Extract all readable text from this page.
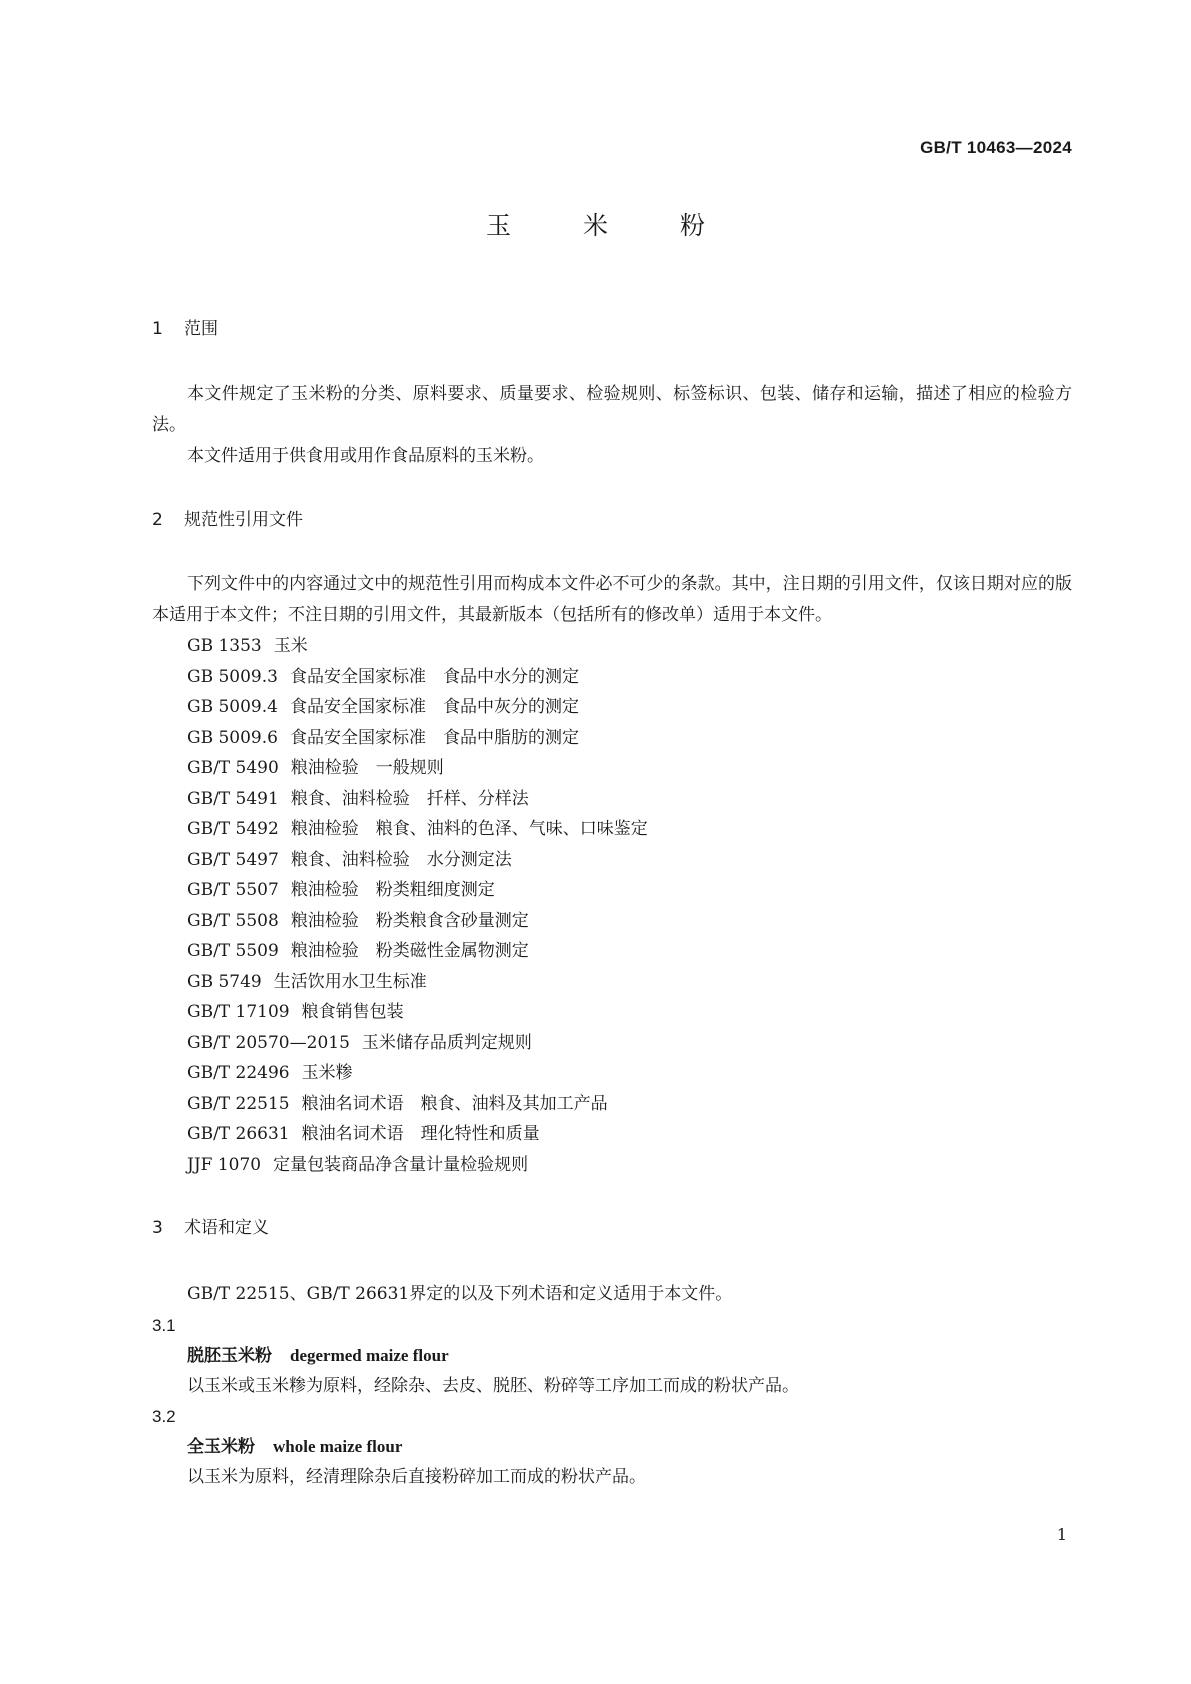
GB/T 10463—2024
玉 米 粉
1 范围

本文件规定了玉米粉的分类、原料要求、质量要求、检验规则、标签标识、包装、储存和运输，描述了相应的检验方法。

本文件适用于供食用或用作食品原料的玉米粉。

2 规范性引用文件

下列文件中的内容通过文中的规范性引用而构成本文件必不可少的条款。其中，注日期的引用文件，仅该日期对应的版本适用于本文件；不注日期的引用文件，其最新版本（包括所有的修改单）适用于本文件。

GB 1353 玉米
GB 5009.3 食品安全国家标准　食品中水分的测定
GB 5009.4 食品安全国家标准　食品中灰分的测定
GB 5009.6 食品安全国家标准　食品中脂肪的测定
GB/T 5490 粮油检验　一般规则
GB/T 5491 粮食、油料检验　扦样、分样法
GB/T 5492 粮油检验　粮食、油料的色泽、气味、口味鉴定
GB/T 5497 粮食、油料检验　水分测定法
GB/T 5507 粮油检验　粉类粗细度测定
GB/T 5508 粮油检验　粉类粮食含砂量测定
GB/T 5509 粮油检验　粉类磁性金属物测定
GB 5749 生活饮用水卫生标准
GB/T 17109 粮食销售包装
GB/T 20570—2015 玉米储存品质判定规则
GB/T 22496 玉米糁
GB/T 22515 粮油名词术语　粮食、油料及其加工产品
GB/T 26631 粮油名词术语　理化特性和质量
JJF 1070 定量包装商品净含量计量检验规则
3 术语和定义

GB/T 22515、GB/T 26631界定的以及下列术语和定义适用于本文件。

3.1
脱胚玉米粉 degermed maize flour
以玉米或玉米糁为原料，经除杂、去皮、脱胚、粉碎等工序加工而成的粉状产品。
3.2
全玉米粉 whole maize flour
以玉米为原料，经清理除杂后直接粉碎加工而成的粉状产品。
1
